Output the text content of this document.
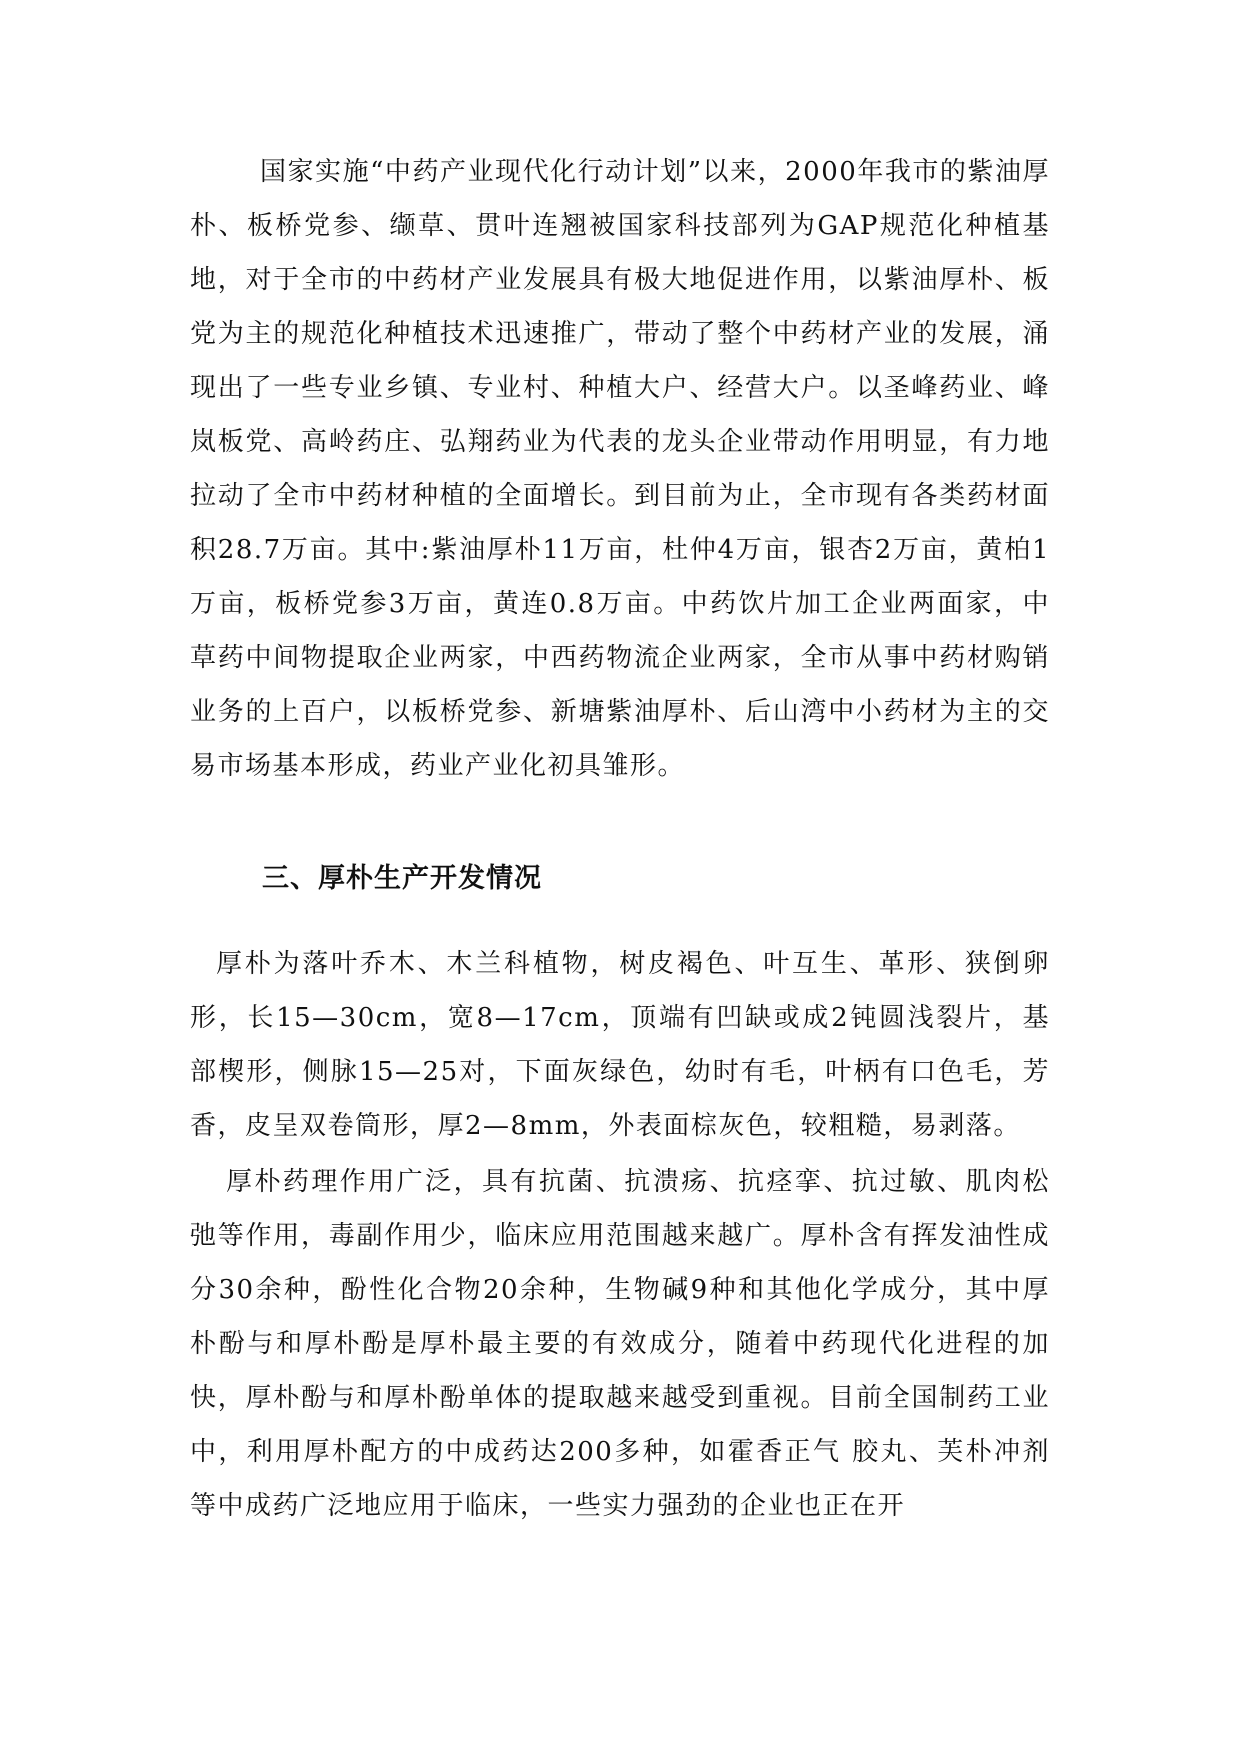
国家实施“中药产业现代化行动计划”以来，2000年我市的紫油厚朴、板桥党参、缬草、贯叶连翘被国家科技部列为GAP规范化种植基地，对于全市的中药材产业发展具有极大地促进作用，以紫油厚朴、板党为主的规范化种植技术迅速推广，带动了整个中药材产业的发展，涌现出了一些专业乡镇、专业村、种植大户、经营大户。以圣峰药业、峰岚板党、高岭药庄、弘翔药业为代表的龙头企业带动作用明显，有力地拉动了全市中药材种植的全面增长。到目前为止，全市现有各类药材面积28.7万亩。其中:紫油厚朴11万亩，杜仲4万亩，银杏2万亩，黄柏1万亩，板桥党参3万亩，黄连0.8万亩。中药饮片加工企业两面家，中草药中间物提取企业两家，中西药物流企业两家，全市从事中药材购销业务的上百户，以板桥党参、新塘紫油厚朴、后山湾中小药材为主的交易市场基本形成，药业产业化初具雏形。

三、厚朴生产开发情况

厚朴为落叶乔木、木兰科植物，树皮褐色、叶互生、革形、狭倒卵形，长15—30cm，宽8—17cm，顶端有凹缺或成2钝圆浅裂片，基部楔形，侧脉15—25对，下面灰绿色，幼时有毛，叶柄有口色毛，芳香，皮呈双卷筒形，厚2—8mm，外表面棕灰色，较粗糙，易剥落。

厚朴药理作用广泛，具有抗菌、抗溃疡、抗痉挛、抗过敏、肌肉松弛等作用，毒副作用少，临床应用范围越来越广。厚朴含有挥发油性成分30余种，酚性化合物20余种，生物碱9种和其他化学成分，其中厚朴酚与和厚朴酚是厚朴最主要的有效成分，随着中药现代化进程的加快，厚朴酚与和厚朴酚单体的提取越来越受到重视。目前全国制药工业中，利用厚朴配方的中成药达200多种，如霍香正气 胶丸、芙朴冲剂等中成药广泛地应用于临床，一些实力强劲的企业也正在开
